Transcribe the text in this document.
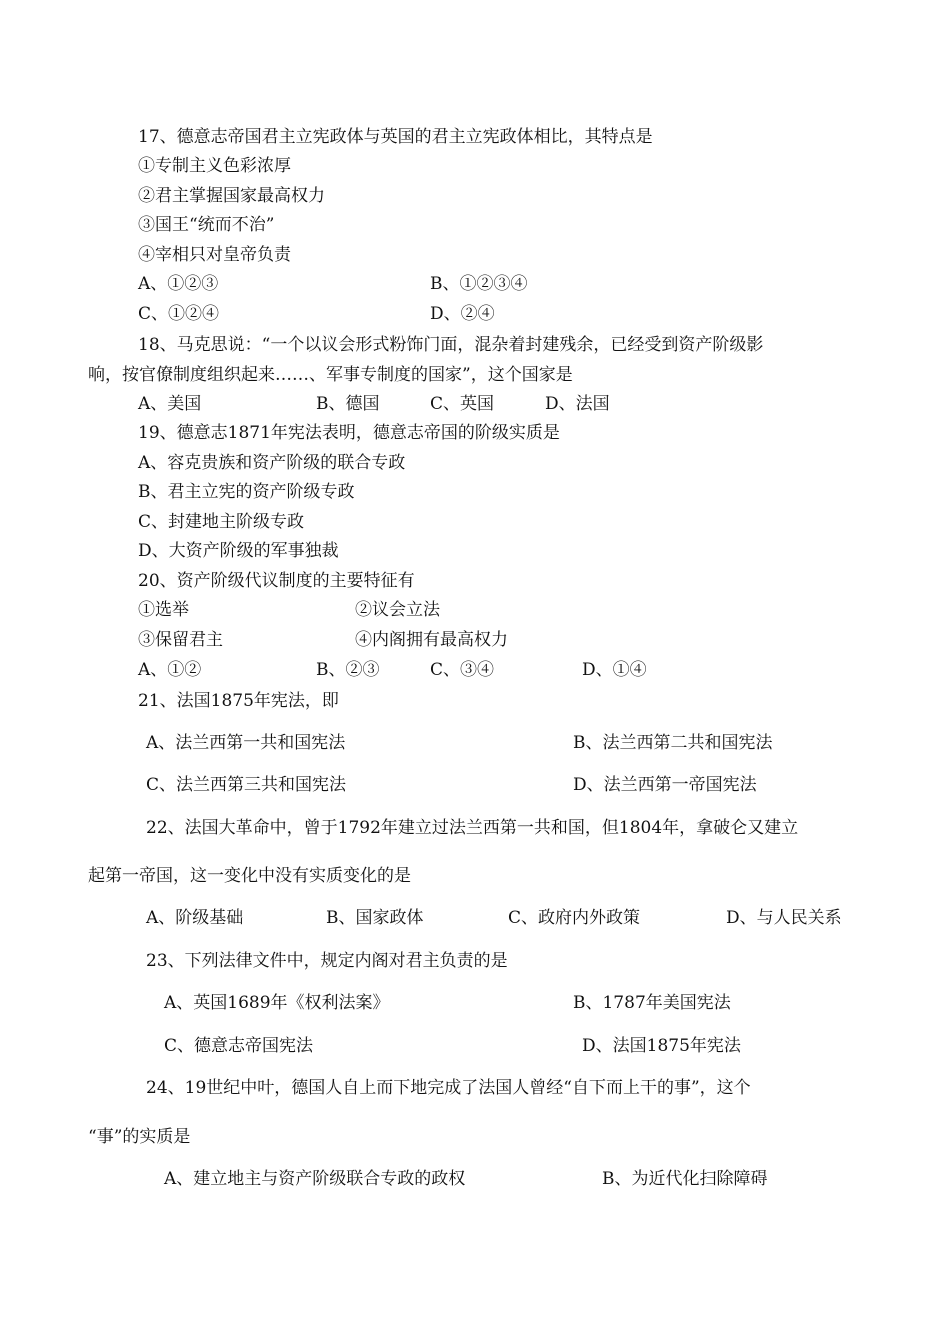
17、德意志帝国君主立宪政体与英国的君主立宪政体相比，其特点是
①专制主义色彩浓厚
②君主掌握国家最高权力
③国王“统而不治”
④宰相只对皇帝负责
A、①②③	B、①②③④
C、①②④	D、②④
18、马克思说：“一个以议会形式粉饰门面，混杂着封建残余，已经受到资产阶级影
响，按官僚制度组织起来……、军事专制度的国家”，这个国家是
A、美国	B、德国	C、英国	D、法国
19、德意志1871年宪法表明，德意志帝国的阶级实质是
A、容克贵族和资产阶级的联合专政
B、君主立宪的资产阶级专政
C、封建地主阶级专政
D、大资产阶级的军事独裁
20、资产阶级代议制度的主要特征有
①选举	②议会立法
③保留君主	④内阁拥有最高权力
A、①②	B、②③	C、③④	D、①④
21、法国1875年宪法，即
A、法兰西第一共和国宪法	B、法兰西第二共和国宪法
C、法兰西第三共和国宪法	D、法兰西第一帝国宪法
22、法国大革命中，曾于1792年建立过法兰西第一共和国，但1804年，拿破仑又建立
起第一帝国，这一变化中没有实质变化的是
A、阶级基础	B、国家政体	C、政府内外政策	D、与人民关系
23、下列法律文件中，规定内阁对君主负责的是
A、英国1689年《权利法案》	B、1787年美国宪法
C、德意志帝国宪法	D、法国1875年宪法
24、19世纪中叶，德国人自上而下地完成了法国人曾经“自下而上干的事”，这个
“事”的实质是
A、建立地主与资产阶级联合专政的政权	B、为近代化扫除障碍
